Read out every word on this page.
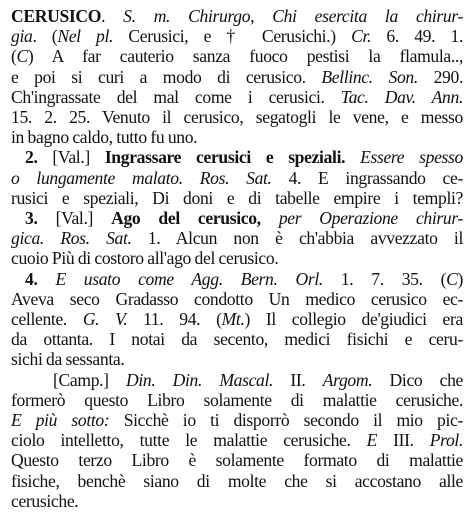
CERUSICO. S. m. Chirurgo, Chi esercita la chirur-
gia. (Nel pl. Cerusici, e † Cerusichi.) Cr. 6. 49. 1.
(C) A far cauterio sanza fuoco pestisi la flamula..,
e poi si curi a modo di cerusico. Bellinc. Son. 290.
Ch'ingrassate del mal come i cerusici. Tac. Dav. Ann.
15. 2. 25. Venuto il cerusico, segatogli le vene, e messo
in bagno caldo, tutto fu uno.
2. [Val.] Ingrassare cerusici e speziali. Essere spesso
o lungamente malato. Ros. Sat. 4. E ingrassando ce-
rusici e speziali, Di doni e di tabelle empire i templi?
3. [Val.] Ago del cerusico, per Operazione chirur-
gica. Ros. Sat. 1. Alcun non è ch'abbia avvezzato il
cuoio Più di costoro all'ago del cerusico.
4. E usato come Agg. Bern. Orl. 1. 7. 35. (C)
Aveva seco Gradasso condotto Un medico cerusico ec-
cellente. G. V. 11. 94. (Mt.) Il collegio de'giudici era
da ottanta. I notai da secento, medici fisichi e ceru-
sichi da sessanta.
[Camp.] Din. Din. Mascal. II. Argom. Dico che
formerò questo Libro solamente di malattie cerusiche.
E più sotto: Sicchè io ti disporrò secondo il mio pic-
ciolo intelletto, tutte le malattie cerusiche. E III. Prol.
Questo terzo Libro è solamente formato di malattie
fisiche, benchè siano di molte che si accostano alle
cerusiche.
